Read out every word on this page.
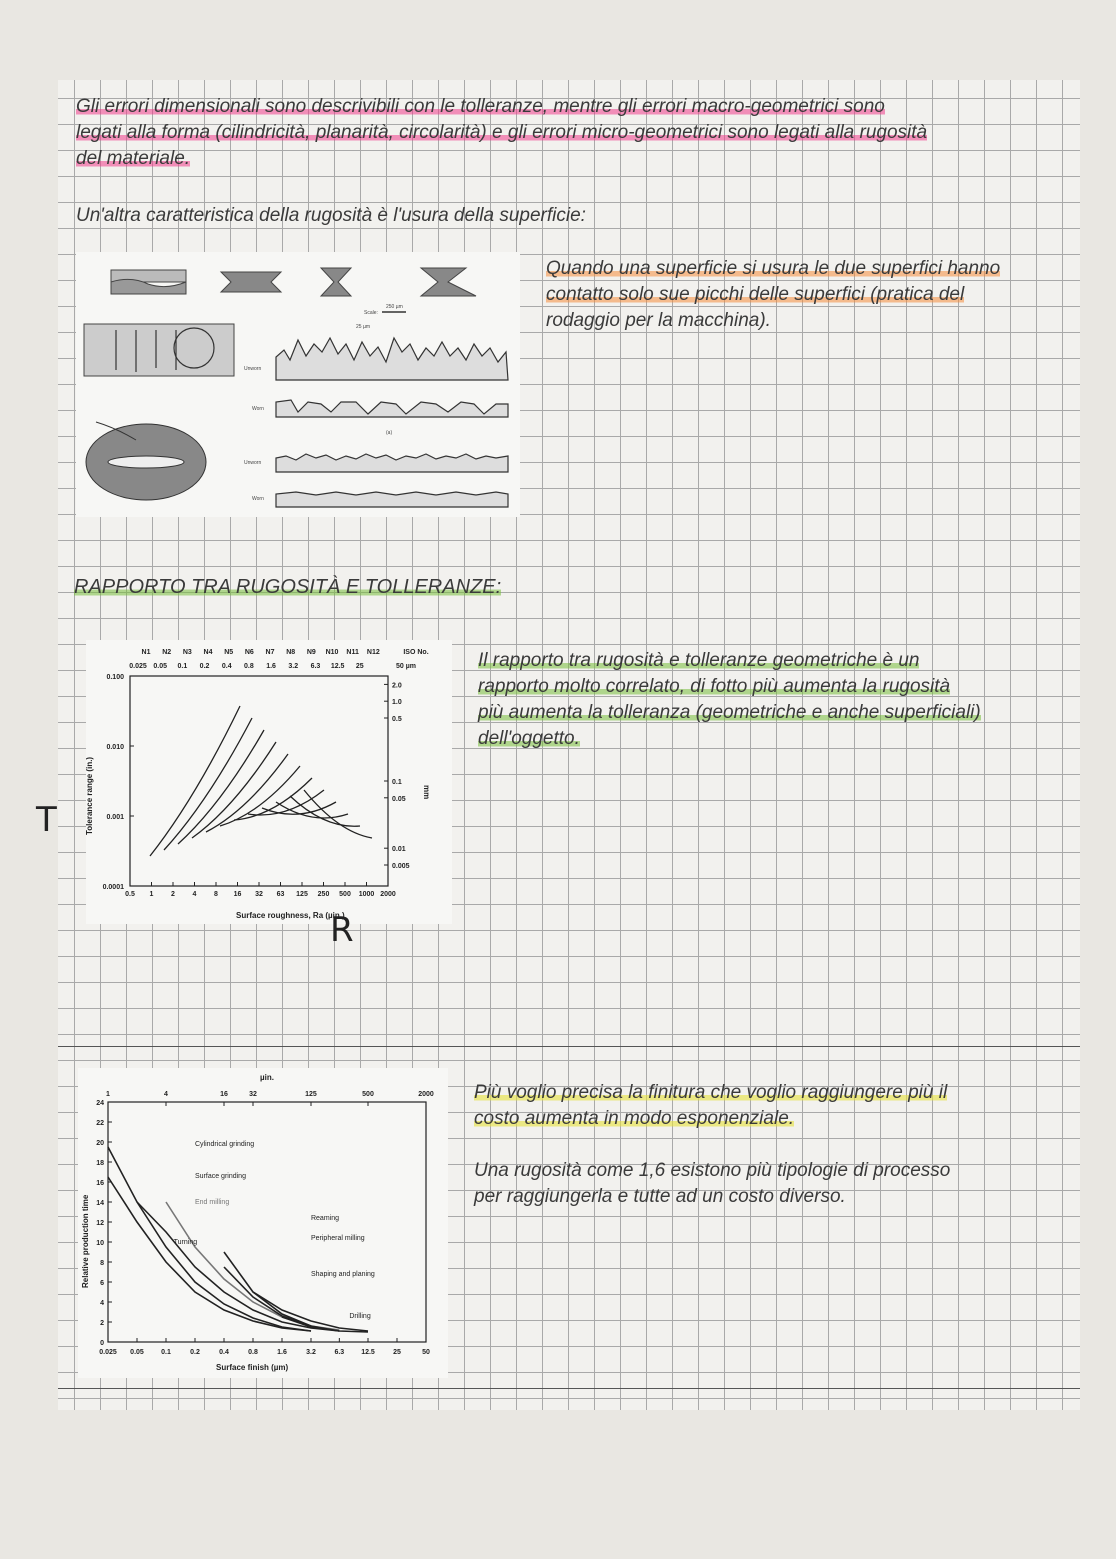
Gli errori dimensionali sono descrivibili con le tolleranze, mentre gli errori macro-geometrici sono
legati alla forma (cilindricità, planarità, circolarità) e gli errori micro-geometrici sono legati alla rugosità
del materiale.
Un'altra caratteristica della rugosità è l'usura della superficie:
Scale:
250 µm
25 µm
Unworn
Worn
Unworn
Worn
(a)
Quando una superficie si usura le due superfici hanno
contatto solo sue picchi delle superfici (pratica del
rodaggio per la macchina).
RAPPORTO TRA RUGOSITÀ E TOLLERANZE:
N1 N2 N3 N4 N5 N6 N7 N8 N9 N10 N11 N12	ISO No.
0.025 0.05 0.1 0.2 0.4 0.8 1.6 3.2 6.3 12.5 25	50 µm
0.100
0.010
0.001
0.0001
2.0
1.0
0.5
0.1
0.05
0.01
0.005
0.5 1	2	4	8 16 32 63 125 250 500 1000 2000
Surface roughness, Ra (µin.)
Tolerance range (in.)	mm
T
R
Il rapporto tra rugosità e tolleranze geometriche è un
rapporto molto correlato, di fotto più aumenta la rugosità
più aumenta la tolleranza (geometriche e anche superficiali)
dell'oggetto.
µin.
1	4	16	32	125	500	2000
0
2
4
6
8
10
12
14
16
18
20
22
24
0.025 0.05 0.1	0.2	0.4	0.8	1.6	3.2	6.3 12.5	25	50
Cylindrical grinding
Surface grinding
End milling
Turning
Reaming
Peripheral milling
Shaping and planing
Drilling
Surface finish (µm)
Relative production time
Più voglio precisa la finitura che voglio raggiungere più il
costo aumenta in modo esponenziale.
Una rugosità come 1,6 esistono più tipologie di processo
per raggiungerla e tutte ad un costo diverso.
